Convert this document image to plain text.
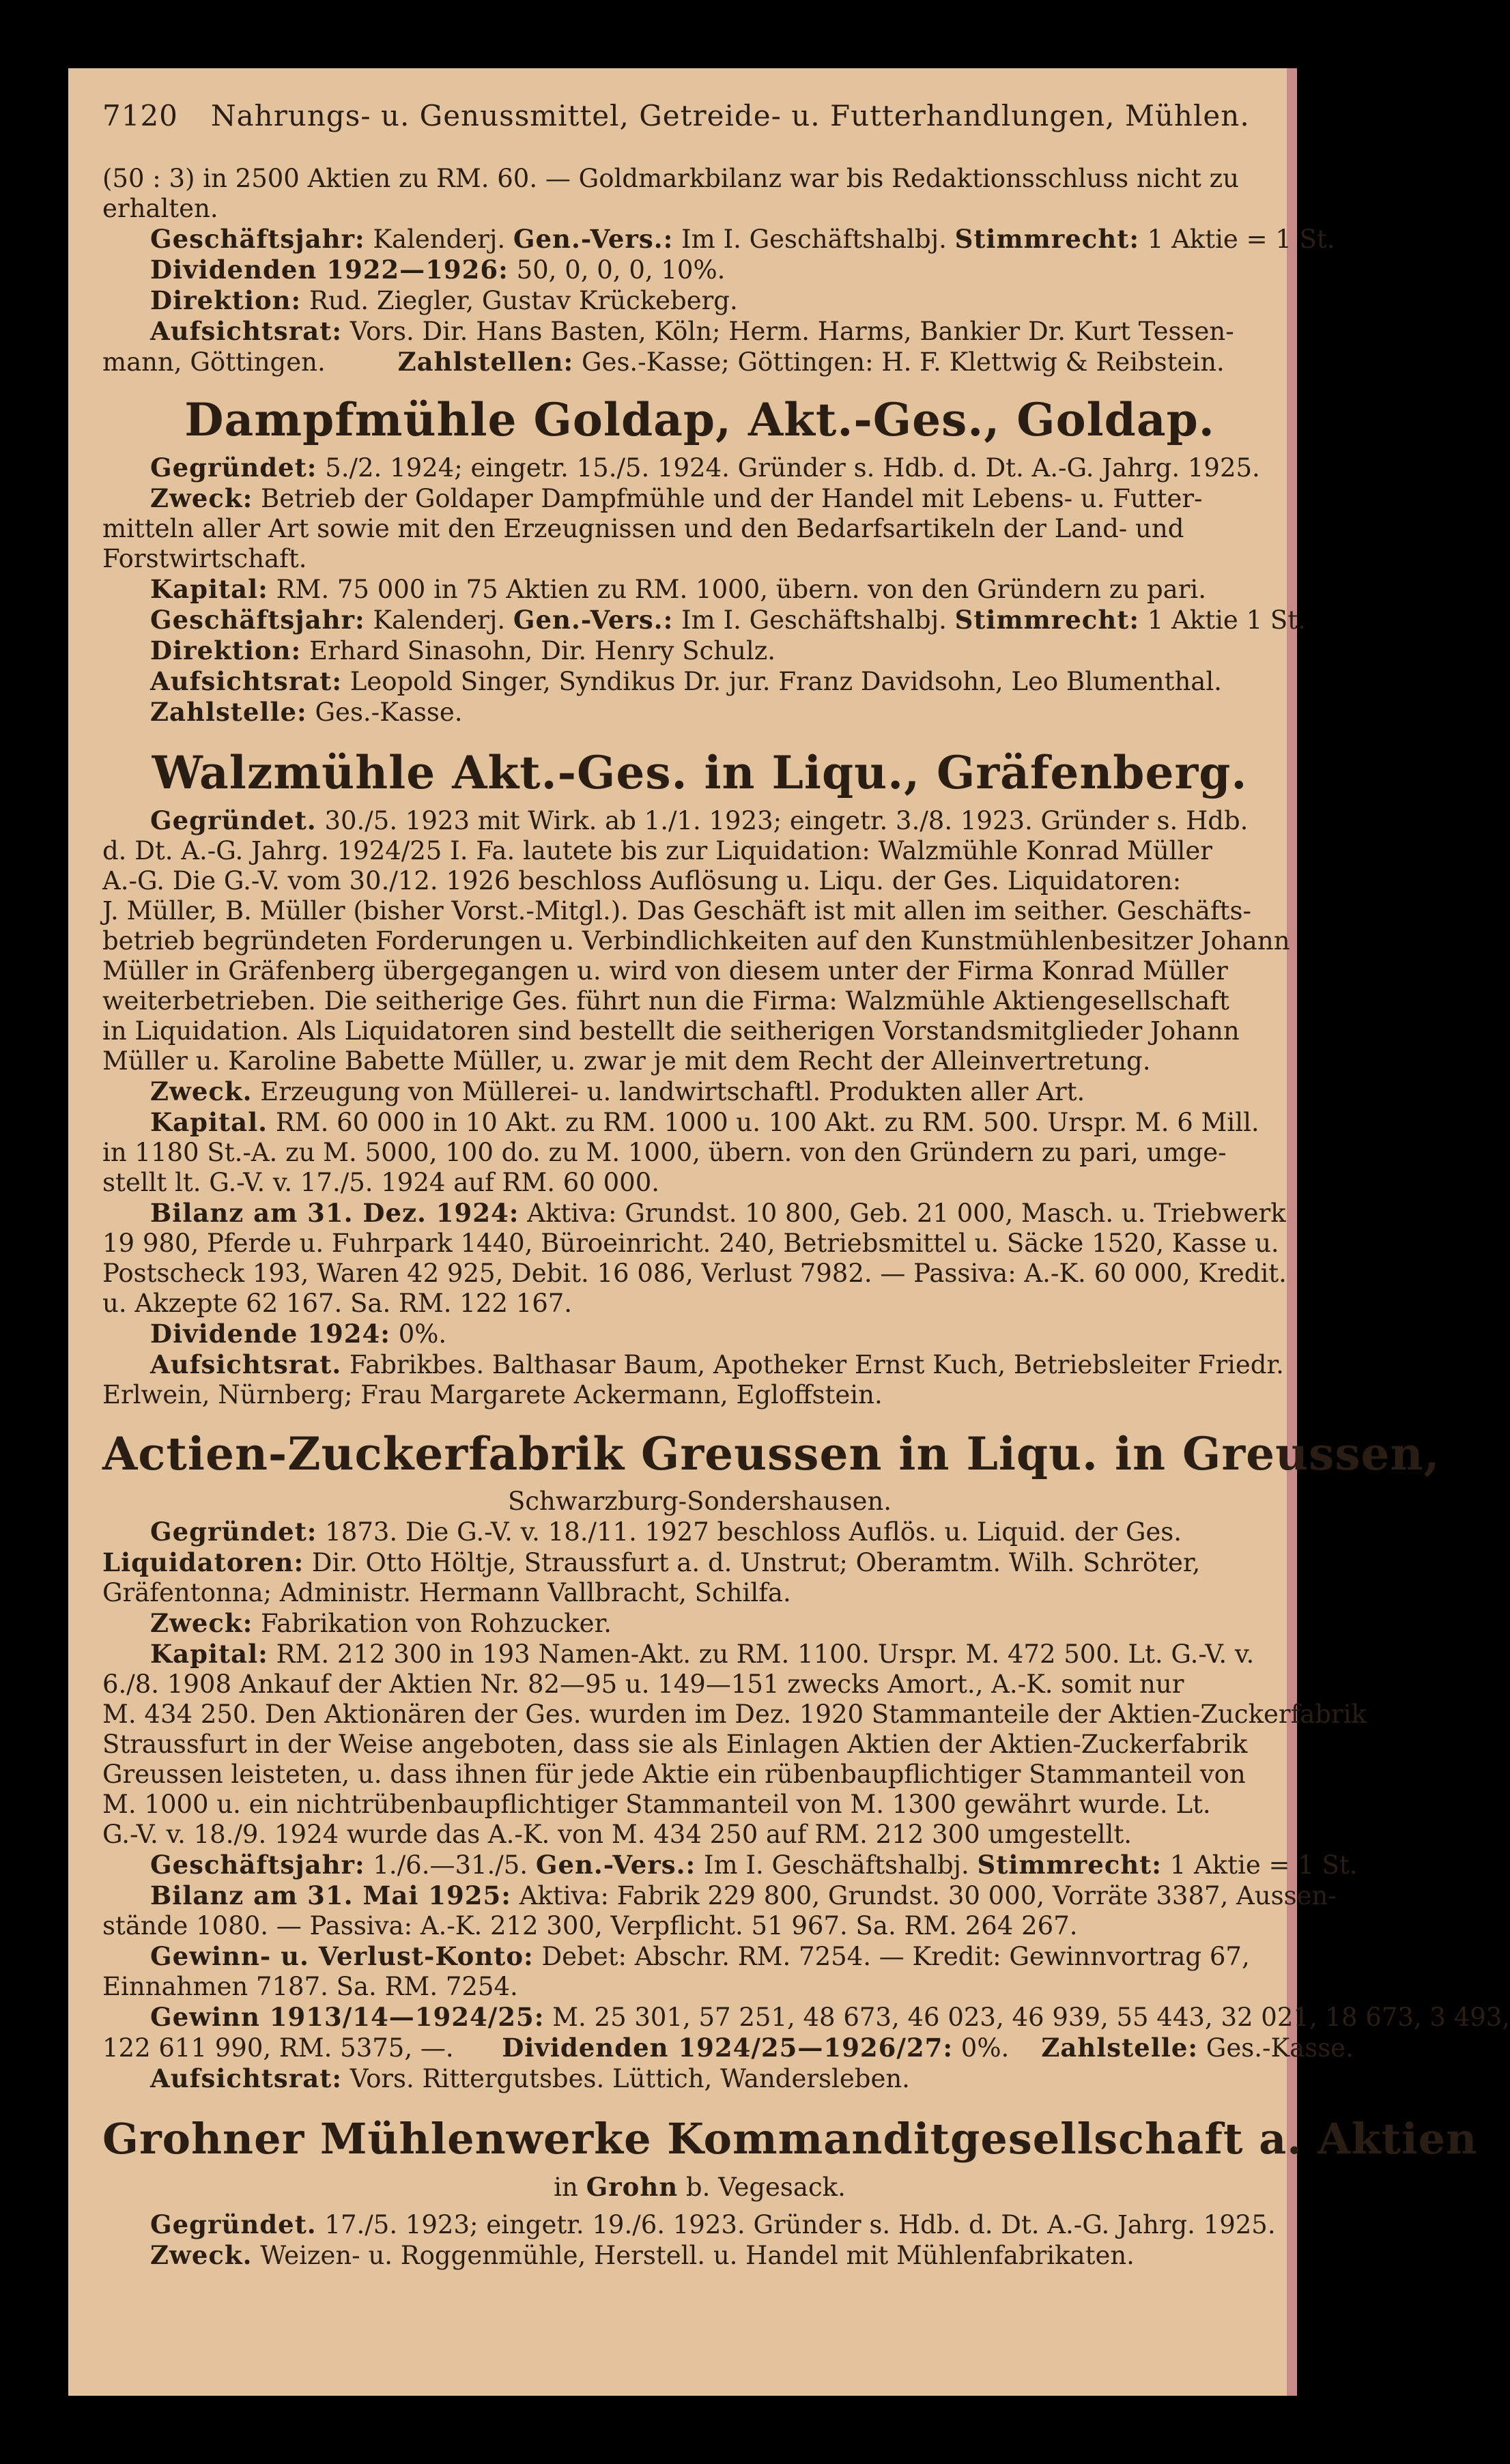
7120 Nahrungs- u. Genussmittel, Getreide- u. Futterhandlungen, Mühlen.
(50 : 3) in 2500 Aktien zu RM. 60. — Goldmarkbilanz war bis Redaktionsschluss nicht zu
erhalten.
Geschäftsjahr: Kalenderj. Gen.-Vers.: Im I. Geschäftshalbj. Stimmrecht: 1 Aktie = 1 St.
Dividenden 1922—1926: 50, 0, 0, 0, 10%.
Direktion: Rud. Ziegler, Gustav Krückeberg.
Aufsichtsrat: Vors. Dir. Hans Basten, Köln; Herm. Harms, Bankier Dr. Kurt Tessen-
mann, Göttingen.	Zahlstellen: Ges.-Kasse; Göttingen: H. F. Klettwig & Reibstein.
Dampfmühle Goldap, Akt.-Ges., Goldap.
Gegründet: 5./2. 1924; eingetr. 15./5. 1924. Gründer s. Hdb. d. Dt. A.-G. Jahrg. 1925.
Zweck: Betrieb der Goldaper Dampfmühle und der Handel mit Lebens- u. Futter-
mitteln aller Art sowie mit den Erzeugnissen und den Bedarfsartikeln der Land- und
Forstwirtschaft.
Kapital: RM. 75 000 in 75 Aktien zu RM. 1000, übern. von den Gründern zu pari.
Geschäftsjahr: Kalenderj. Gen.-Vers.: Im I. Geschäftshalbj. Stimmrecht: 1 Aktie 1 St.
Direktion: Erhard Sinasohn, Dir. Henry Schulz.
Aufsichtsrat: Leopold Singer, Syndikus Dr. jur. Franz Davidsohn, Leo Blumenthal.
Zahlstelle: Ges.-Kasse.
Walzmühle Akt.-Ges. in Liqu., Gräfenberg.
Gegründet. 30./5. 1923 mit Wirk. ab 1./1. 1923; eingetr. 3./8. 1923. Gründer s. Hdb.
d. Dt. A.-G. Jahrg. 1924/25 I. Fa. lautete bis zur Liquidation: Walzmühle Konrad Müller
A.-G. Die G.-V. vom 30./12. 1926 beschloss Auflösung u. Liqu. der Ges. Liquidatoren:
J. Müller, B. Müller (bisher Vorst.-Mitgl.). Das Geschäft ist mit allen im seither. Geschäfts-
betrieb begründeten Forderungen u. Verbindlichkeiten auf den Kunstmühlenbesitzer Johann
Müller in Gräfenberg übergegangen u. wird von diesem unter der Firma Konrad Müller
weiterbetrieben. Die seitherige Ges. führt nun die Firma: Walzmühle Aktiengesellschaft
in Liquidation. Als Liquidatoren sind bestellt die seitherigen Vorstandsmitglieder Johann
Müller u. Karoline Babette Müller, u. zwar je mit dem Recht der Alleinvertretung.
Zweck. Erzeugung von Müllerei- u. landwirtschaftl. Produkten aller Art.
Kapital. RM. 60 000 in 10 Akt. zu RM. 1000 u. 100 Akt. zu RM. 500. Urspr. M. 6 Mill.
in 1180 St.-A. zu M. 5000, 100 do. zu M. 1000, übern. von den Gründern zu pari, umge-
stellt lt. G.-V. v. 17./5. 1924 auf RM. 60 000.
Bilanz am 31. Dez. 1924: Aktiva: Grundst. 10 800, Geb. 21 000, Masch. u. Triebwerk
19 980, Pferde u. Fuhrpark 1440, Büroeinricht. 240, Betriebsmittel u. Säcke 1520, Kasse u.
Postscheck 193, Waren 42 925, Debit. 16 086, Verlust 7982. — Passiva: A.-K. 60 000, Kredit.
u. Akzepte 62 167. Sa. RM. 122 167.
Dividende 1924: 0%.
Aufsichtsrat. Fabrikbes. Balthasar Baum, Apotheker Ernst Kuch, Betriebsleiter Friedr.
Erlwein, Nürnberg; Frau Margarete Ackermann, Egloffstein.
Actien-Zuckerfabrik Greussen in Liqu. in Greussen,
Schwarzburg-Sondershausen.
Gegründet: 1873. Die G.-V. v. 18./11. 1927 beschloss Auflös. u. Liquid. der Ges.
Liquidatoren: Dir. Otto Höltje, Straussfurt a. d. Unstrut; Oberamtm. Wilh. Schröter,
Gräfentonna; Administr. Hermann Vallbracht, Schilfa.
Zweck: Fabrikation von Rohzucker.
Kapital: RM. 212 300 in 193 Namen-Akt. zu RM. 1100. Urspr. M. 472 500. Lt. G.-V. v.
6./8. 1908 Ankauf der Aktien Nr. 82—95 u. 149—151 zwecks Amort., A.-K. somit nur
M. 434 250. Den Aktionären der Ges. wurden im Dez. 1920 Stammanteile der Aktien-Zuckerfabrik
Straussfurt in der Weise angeboten, dass sie als Einlagen Aktien der Aktien-Zuckerfabrik
Greussen leisteten, u. dass ihnen für jede Aktie ein rübenbaupflichtiger Stammanteil von
M. 1000 u. ein nichtrübenbaupflichtiger Stammanteil von M. 1300 gewährt wurde. Lt.
G.-V. v. 18./9. 1924 wurde das A.-K. von M. 434 250 auf RM. 212 300 umgestellt.
Geschäftsjahr: 1./6.—31./5. Gen.-Vers.: Im I. Geschäftshalbj. Stimmrecht: 1 Aktie = 1 St.
Bilanz am 31. Mai 1925: Aktiva: Fabrik 229 800, Grundst. 30 000, Vorräte 3387, Aussen-
stände 1080. — Passiva: A.-K. 212 300, Verpflicht. 51 967. Sa. RM. 264 267.
Gewinn- u. Verlust-Konto: Debet: Abschr. RM. 7254. — Kredit: Gewinnvortrag 67,
Einnahmen 7187. Sa. RM. 7254.
Gewinn 1913/14—1924/25: M. 25 301, 57 251, 48 673, 46 023, 46 939, 55 443, 32 021, 18 673, 3 493,
122 611 990, RM. 5375, —. Dividenden 1924/25—1926/27: 0%. Zahlstelle: Ges.-Kasse.
Aufsichtsrat: Vors. Rittergutsbes. Lüttich, Wandersleben.
Grohner Mühlenwerke Kommanditgesellschaft a. Aktien
in Grohn b. Vegesack.
Gegründet. 17./5. 1923; eingetr. 19./6. 1923. Gründer s. Hdb. d. Dt. A.-G. Jahrg. 1925.
Zweck. Weizen- u. Roggenmühle, Herstell. u. Handel mit Mühlenfabrikaten.
